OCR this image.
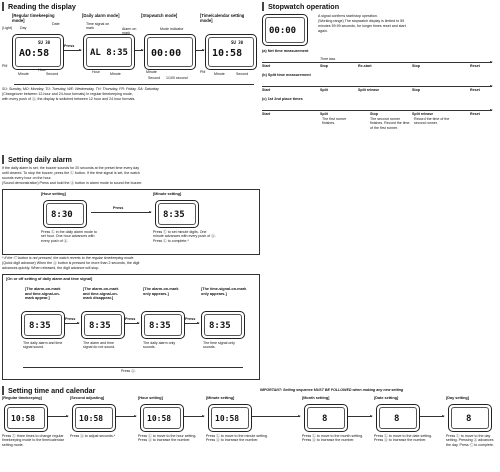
Reading the display
[Regular timekeeping mode]
[Daily alarm mode]	[Stopwatch mode]	[Time/calendar setting mode]
(Light) Day
Date	Time signal on mark	Alarm on	Mode indicator
SU 30
AO:58
PM
Minute
Hour
Second
Press
AL 8:35
Hour	Minute
00:00
Minute
Second 1/100 second
SU 30
10:58
PM Minute	Second
SU: Sunday, MO: Monday, TU: Tuesday, WE: Wednesday, TH: Thursday, FR: Friday, SA: Saturday
(Changeover between 12-hour and 24-hour formats) In regular timekeeping mode,
with every push of Ⓐ, the display is switched between 12 hour and 24 hour formats.
Stopwatch operation
00:00
A signal confirms start/stop operation.
(Working range) The stopwatch display is limited to 59
minutes 59.99 seconds, for longer times reset and start
again.
(a) Net time measurement
Start	Stop	Re-start	Stop	Reset
Time lass
(b) Split time measurement
Start	Split	Split release	Stop	Reset
(c) 1st 2nd place times
Start	Split	Stop	Split release	Reset
The first runner finishes.
The second runner finishes. Record the time of the first runner.
Record the time of the second runner.
Setting daily alarm
If the daily alarm is set, the buzzer sounds for 20 seconds at the preset time every day
until cleared. To stop the buzzer, press the Ⓛ button. If the time signal is set, the watch
sounds every hour on the hour.
(Sound demonstration) Press and hold the Ⓐ button in alarm mode to sound the buzzer.
[Hour setting]	[Minute setting]
8:30
Press
8:35
Press Ⓛ in the daily alarm mode to set hour. One hour advances with every push of Ⓐ.
Press Ⓒ to set minute digits. One minute advances with every push of Ⓐ. Press Ⓛ to complete.*
* If the Ⓒ button is not pressed, the watch reverts to the regular timekeeping mode.
(Quick digit advance) When the Ⓐ button is pressed for more than 2 seconds, the digit
advances quickly. When released, the digit advance will stop.
[On or off setting of daily alarm and time signal]
[The alarm-on-mark and time-signal-on-mark appear.]
[The alarm-on-mark and time-signal-on-mark disappear.]
[The alarm-on-mark only appears.]
[The time-signal-on-mark only appears.]
8:35
Press
8:35
Press
8:35
Press
8:35
The daily alarm and time signal sound.
The alarm and time signal do not sound.
The daily alarm only sounds.
The time signal only sounds.
Press Ⓐ.
Setting time and calendar	IMPORTANT: Setting sequence MUST BE FOLLOWED when making any new setting
[Regular timekeeping]	[Second adjusting]	[Hour setting]	[Minute setting]	[Month setting]	[Date setting]	[Day setting]
10:58	10:58	10:58	10:58	8	8	8
Press Ⓒ three times to change regular timekeeping mode to the time/calendar setting mode.
Press Ⓐ to adjust seconds.*	Press Ⓛ to move to the hour setting. Press Ⓐ to increase the number.
Press Ⓛ to move to the minute setting. Press Ⓐ to increase the number.
Press Ⓛ to move to the month setting. Press Ⓐ to increase the number.
Press Ⓛ to move to the date setting. Press Ⓐ to increase the number.
Press Ⓛ to move to the day setting. Pressing Ⓐ advances the day. Press Ⓒ to complete.
